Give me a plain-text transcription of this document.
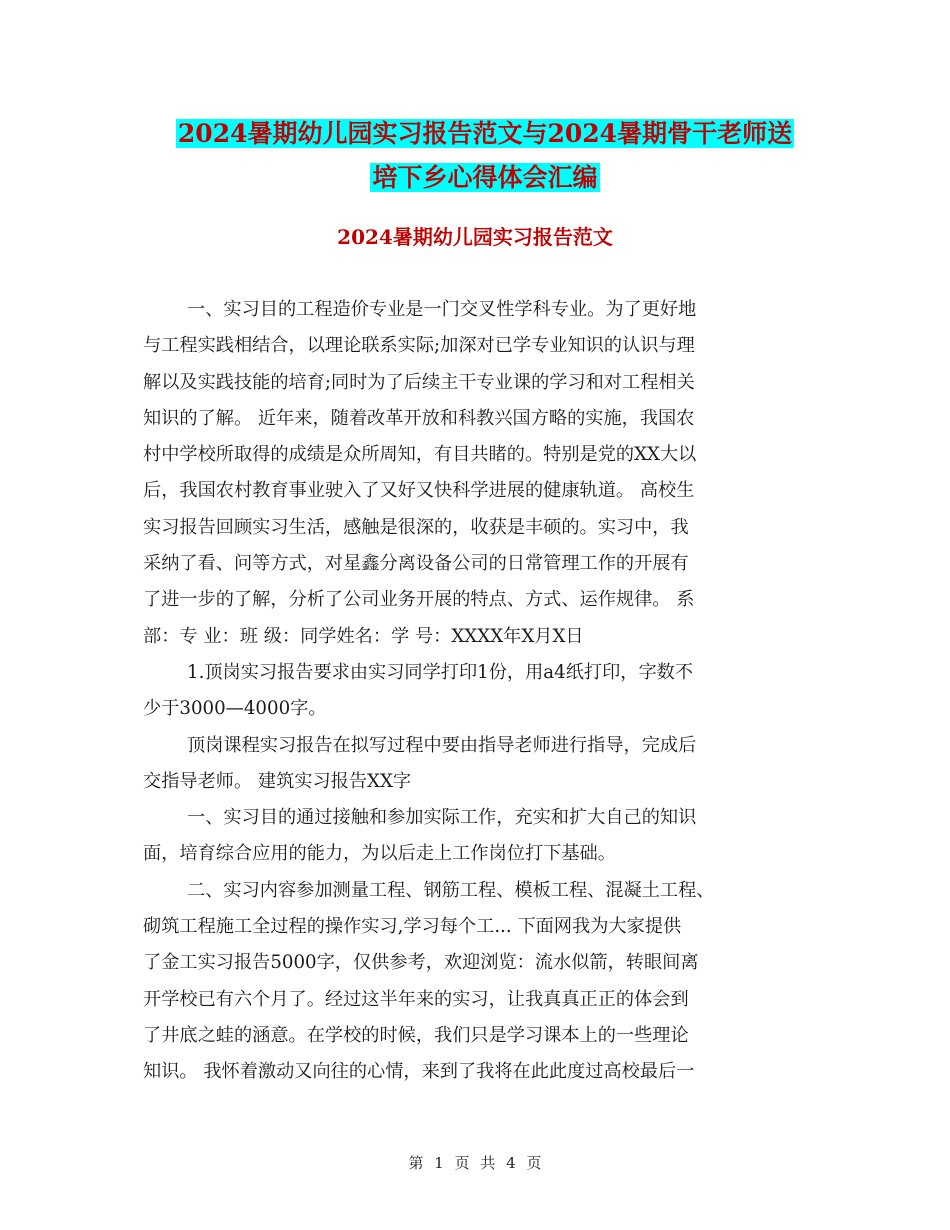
2024暑期幼儿园实习报告范文与2024暑期骨干老师送
培下乡心得体会汇编
2024暑期幼儿园实习报告范文
一、实习目的工程造价专业是一门交叉性学科专业。为了更好地
与工程实践相结合，以理论联系实际;加深对已学专业知识的认识与理
解以及实践技能的培育;同时为了后续主干专业课的学习和对工程相关
知识的了解。 近年来，随着改革开放和科教兴国方略的实施，我国农
村中学校所取得的成绩是众所周知，有目共睹的。特别是党的XX大以
后，我国农村教育事业驶入了又好又快科学进展的健康轨道。 高校生
实习报告回顾实习生活，感触是很深的，收获是丰硕的。实习中，我
采纳了看、问等方式，对星鑫分离设备公司的日常管理工作的开展有
了进一步的了解，分析了公司业务开展的特点、方式、运作规律。 系
部：专 业：班 级：同学姓名：学 号：XXXX年X月X日
1.顶岗实习报告要求由实习同学打印1份，用a4纸打印，字数不
少于3000—4000字。
顶岗课程实习报告在拟写过程中要由指导老师进行指导，完成后
交指导老师。 建筑实习报告XX字
一、实习目的通过接触和参加实际工作，充实和扩大自己的知识
面，培育综合应用的能力，为以后走上工作岗位打下基础。
二、实习内容参加测量工程、钢筋工程、模板工程、混凝土工程、
砌筑工程施工全过程的操作实习,学习每个工... 下面网我为大家提供
了金工实习报告5000字，仅供参考，欢迎浏览：流水似箭，转眼间离
开学校已有六个月了。经过这半年来的实习，让我真真正正的体会到
了井底之蛙的涵意。在学校的时候，我们只是学习课本上的一些理论
知识。 我怀着激动又向往的心情，来到了我将在此此度过高校最后一
第 1 页 共 4 页
